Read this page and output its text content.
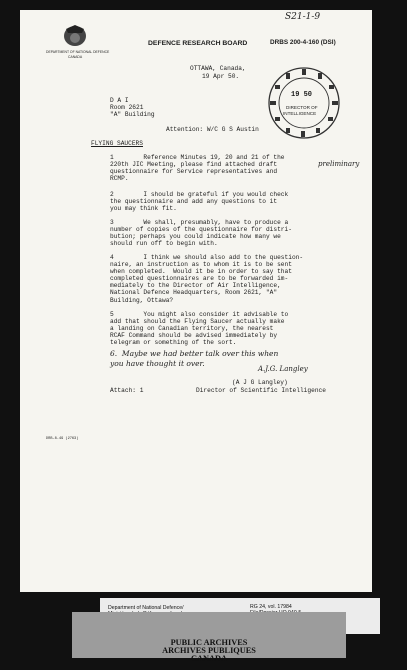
S21-1-9
DEPARTMENT OF NATIONAL DEFENCE
CANADA
DEFENCE RESEARCH BOARD	DRBS 200-4-160 (DSI)
OTTAWA, Canada,
19 Apr 50.
19 50
DIRECTOR OF
INTELLIGENCE
D A I
Room 2621
"A" Building
Attention: W/C G S Austin
FLYING SAUCERS
1        Reference Minutes 19, 20 and 21 of the
220th JIC Meeting, please find attached draft
questionnaire for Service representatives and
RCMP.
preliminary
2        I should be grateful if you would check
the questionnaire and add any questions to it
you may think fit.
3        We shall, presumably, have to produce a
number of copies of the questionnaire for distri-
bution; perhaps you could indicate how many we
should run off to begin with.
4        I think we should also add to the question-
naire, an instruction as to whom it is to be sent
when completed.  Would it be in order to say that
completed questionnaires are to be forwarded im-
mediately to the Director of Air Intelligence,
National Defence Headquarters, Room 2621, "A"
Building, Ottawa?
5        You might also consider it advisable to
add that should the Flying Saucer actually make
a landing on Canadian territory, the nearest
RCAF Command should be advised immediately by
telegram or something of the sort.
6.  Maybe we had better talk over this when
you have thought it over.
A.J.G. Langley
(A J G Langley)
Attach: 1	Director of Scientific Intelligence
DRB-8-49 (2763)
Department of National Defence/	RG 24, vol. 17984
PUBLIC ARCHIVES
ARCHIVES PUBLIQUES
CANADA
